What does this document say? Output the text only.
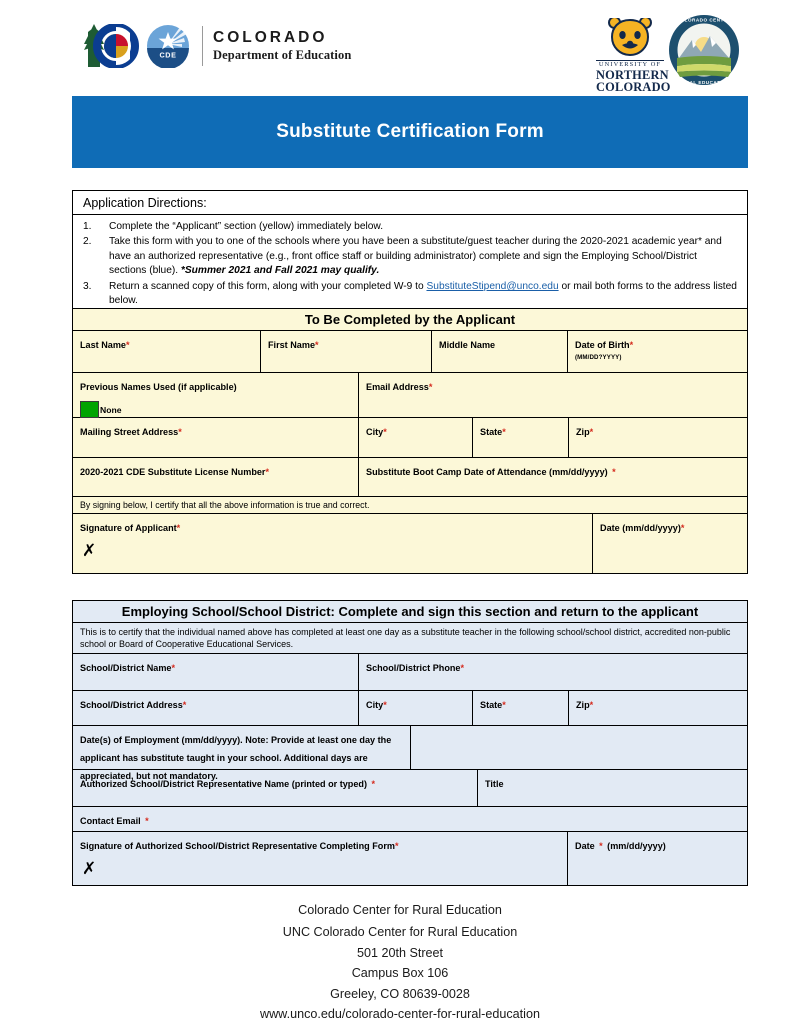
CDE
COLORADO
Department of Education
UNIVERSITY OF
NORTHERN
COLORADO
COLORADO CENTER
RURAL EDUCATION
Substitute Certification Form
Application Directions:
1.	Complete the “Applicant” section (yellow) immediately below.
2.	Take this form with you to one of the schools where you have been a substitute/guest teacher during the 2020-2021 academic year* and have an authorized representative (e.g., front office staff or building administrator) complete and sign the Employing School/District sections (blue). *Summer 2021 and Fall 2021 may qualify.
3.	Return a scanned copy of this form, along with your completed W-9 to SubstituteStipend@unco.edu or mail both forms to the address listed below.
To Be Completed by the Applicant
Last Name*	First Name*	Middle Name	Date of Birth*
(MM/DD?YYYY)
Previous Names Used (if applicable)
None
Email Address*
Mailing Street Address*	City*	State*	Zip*
2020-2021 CDE Substitute License Number*	Substitute Boot Camp Date of Attendance (mm/dd/yyyy) *
By signing below, I certify that all the above information is true and correct.
Signature of Applicant*
✗
Date (mm/dd/yyyy)*
Employing School/School District: Complete and sign this section and return to the applicant
This is to certify that the individual named above has completed at least one day as a substitute teacher in the following school/school district, accredited non-public school or Board of Cooperative Educational Services.
School/District Name*	School/District Phone*
School/District Address*	City*	State*	Zip*
Date(s) of Employment (mm/dd/yyyy). Note: Provide at least one day the applicant has substitute taught in your school. Additional days are appreciated, but not mandatory.
Authorized School/District Representative Name (printed or typed) *	Title
Contact Email *
Signature of Authorized School/District Representative Completing Form*
✗
Date * (mm/dd/yyyy)
Colorado Center for Rural Education
UNC Colorado Center for Rural Education
501 20th Street
Campus Box 106
Greeley, CO 80639-0028
www.unco.edu/colorado-center-for-rural-education
